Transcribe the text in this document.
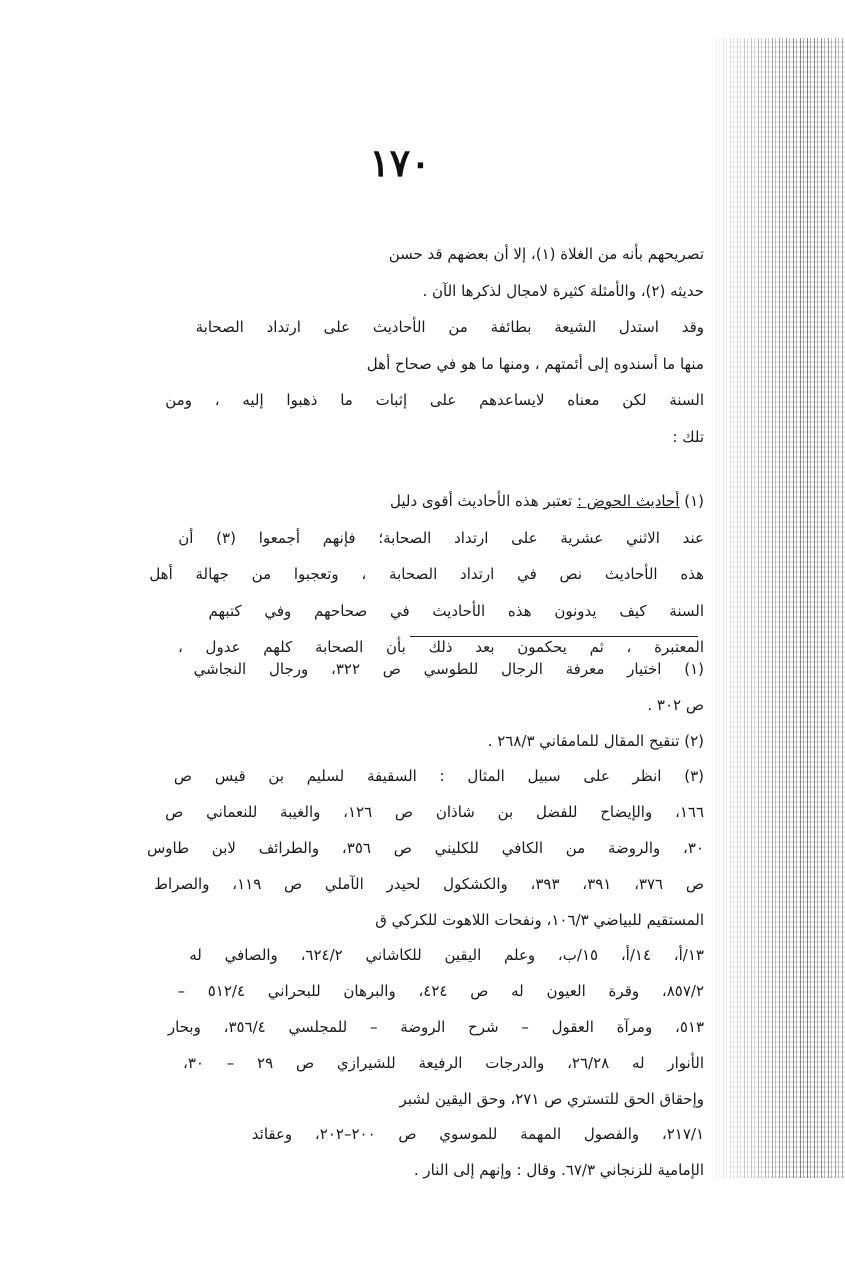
١٧٠
تصريحهم بأنه من الغلاة (١)، إلا أن بعضهم قد حسن
حديثه (٢)، والأمثلة كثيرة لامجال لذكرها الآن .
وقد استدل الشيعة بطائفة من الأحاديث على ارتداد الصحابة
منها ما أسندوه إلى أئمتهم ، ومنها ما هو في صحاح أهل
السنة لكن معناه لايساعدهم على إثبات ما ذهبوا إليه ، ومن
تلك :
(١) أحاديث الحوض : تعتبر هذه الأحاديث أقوى دليل
عند الاثني عشرية على ارتداد الصحابة؛ فإنهم أجمعوا (٣) أن
هذه الأحاديث نص في ارتداد الصحابة ، وتعجبوا من جهالة أهل
السنة كيف يدونون هذه الأحاديث في صحاحهم وفي كتبهم
المعتبرة ، ثم يحكمون بعد ذلك بأن الصحابة كلهم عدول ،
(١) اختيار معرفة الرجال للطوسي ص ٣٢٢، ورجال النجاشي
ص ٣٠٢ .
(٢) تنقيح المقال للمامقاني ٢٦٨/٣ .
(٣) انظر على سبيل المثال : السقيفة لسليم بن قيس ص
١٦٦، والإيضاح للفضل بن شاذان ص ١٢٦، والغيبة للنعماني ص
٣٠، والروضة من الكافي للكليني ص ٣٥٦، والطرائف لابن طاوس
ص ٣٧٦، ٣٩١، ٣٩٣، والكشكول لحيدر الآملي ص ١١٩، والصراط
المستقيم للبياضي ١٠٦/٣، ونفحات اللاهوت للكركي ق
١٣/أ، ١٤/أ، ١٥/ب، وعلم اليقين للكاشاني ٦٢٤/٢، والصافي له
٨٥٧/٢، وقرة العيون له ص ٤٢٤، والبرهان للبحراني ٥١٢/٤ –
٥١٣، ومرآة العقول – شرح الروضة – للمجلسي ٣٥٦/٤، وبحار
الأنوار له ٢٦/٢٨، والدرجات الرفيعة للشيرازي ص ٢٩ – ٣٠،
وإحقاق الحق للتستري ص ٢٧١، وحق اليقين لشبر
٢١٧/١، والفصول المهمة للموسوي ص ٢٠٠–٢٠٢، وعقائد
الإمامية للزنجاني ٦٧/٣. وقال : وإنهم إلى النار .
